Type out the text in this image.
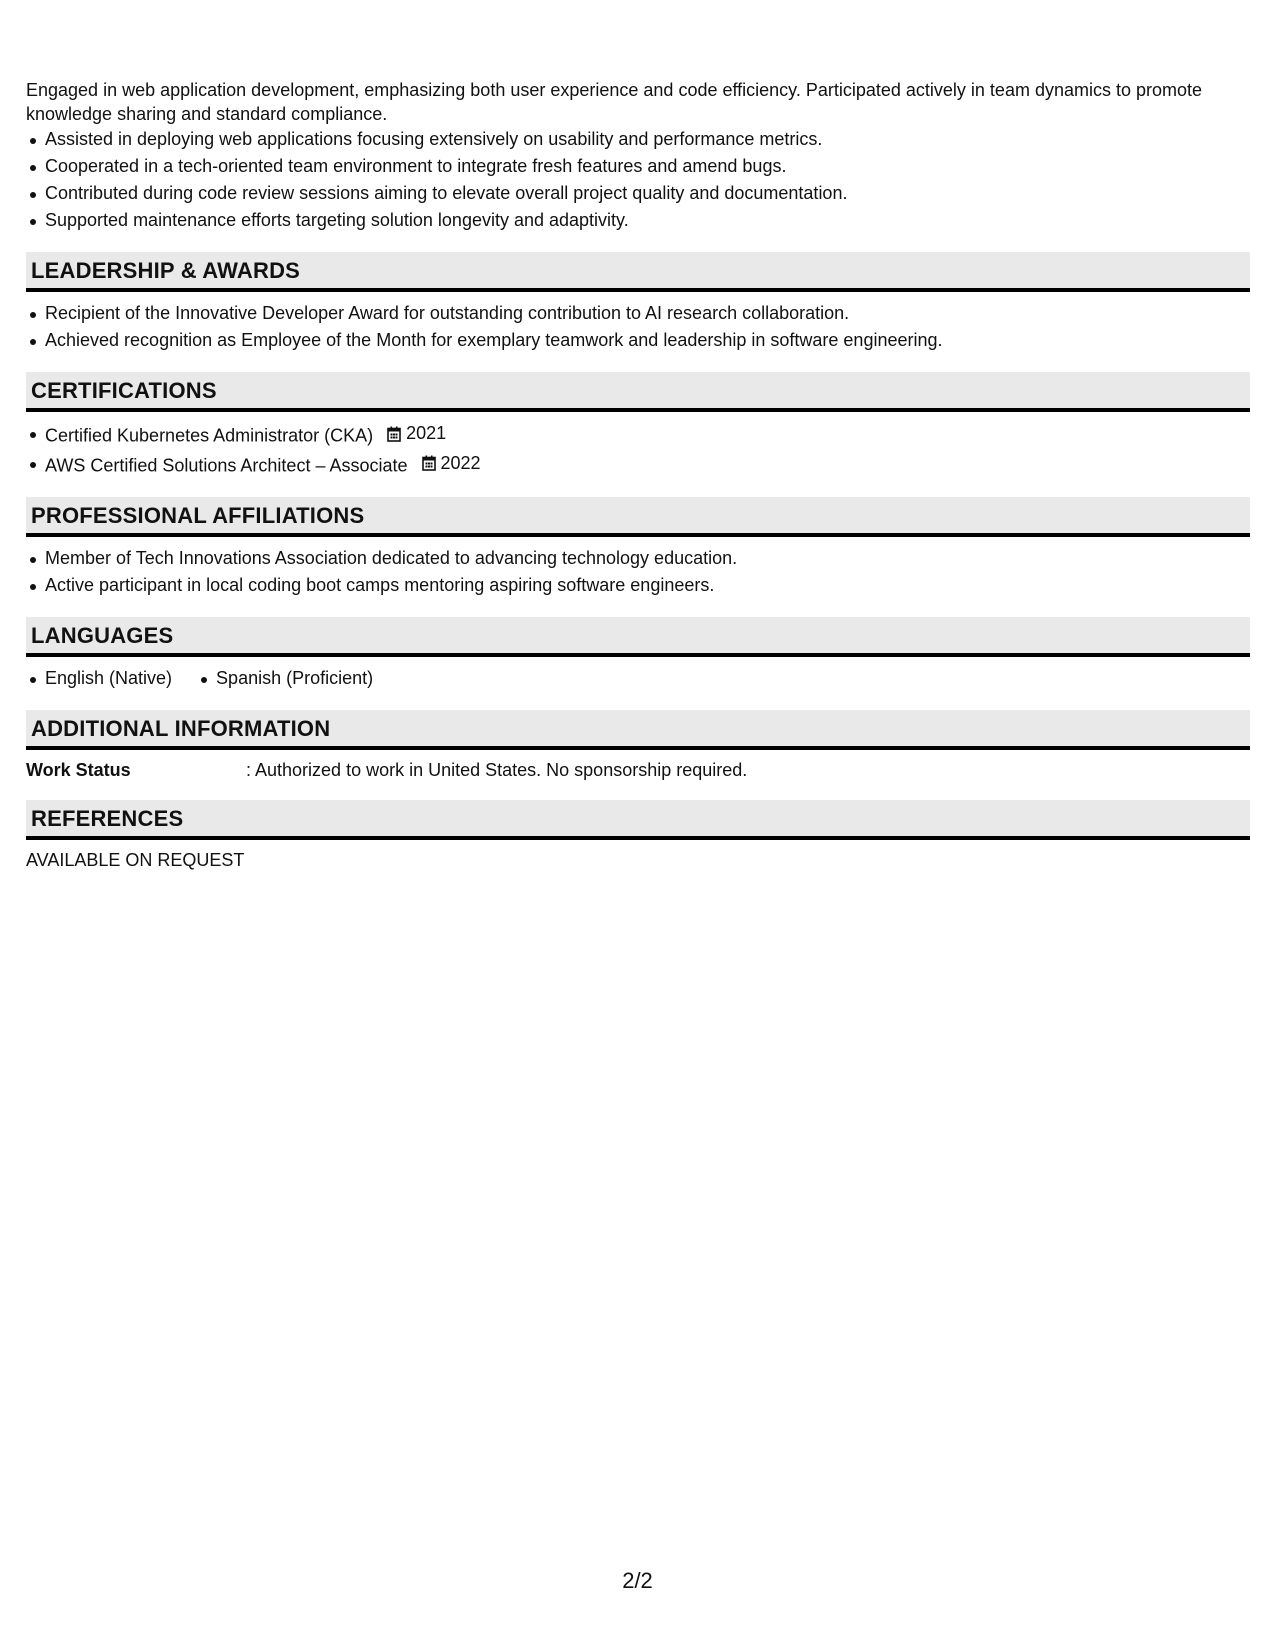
Engaged in web application development, emphasizing both user experience and code efficiency. Participated actively in team dynamics to promote knowledge sharing and standard compliance.

Assisted in deploying web applications focusing extensively on usability and performance metrics.
Cooperated in a tech-oriented team environment to integrate fresh features and amend bugs.
Contributed during code review sessions aiming to elevate overall project quality and documentation.
Supported maintenance efforts targeting solution longevity and adaptivity.
LEADERSHIP & AWARDS
Recipient of the Innovative Developer Award for outstanding contribution to AI research collaboration.
Achieved recognition as Employee of the Month for exemplary teamwork and leadership in software engineering.
CERTIFICATIONS
Certified Kubernetes Administrator (CKA) 2021
AWS Certified Solutions Architect – Associate 2022
PROFESSIONAL AFFILIATIONS
Member of Tech Innovations Association dedicated to advancing technology education.
Active participant in local coding boot camps mentoring aspiring software engineers.
LANGUAGES
English (Native) Spanish (Proficient)
ADDITIONAL INFORMATION
Work Status	: Authorized to work in United States. No sponsorship required.
REFERENCES
AVAILABLE ON REQUEST
2/2
